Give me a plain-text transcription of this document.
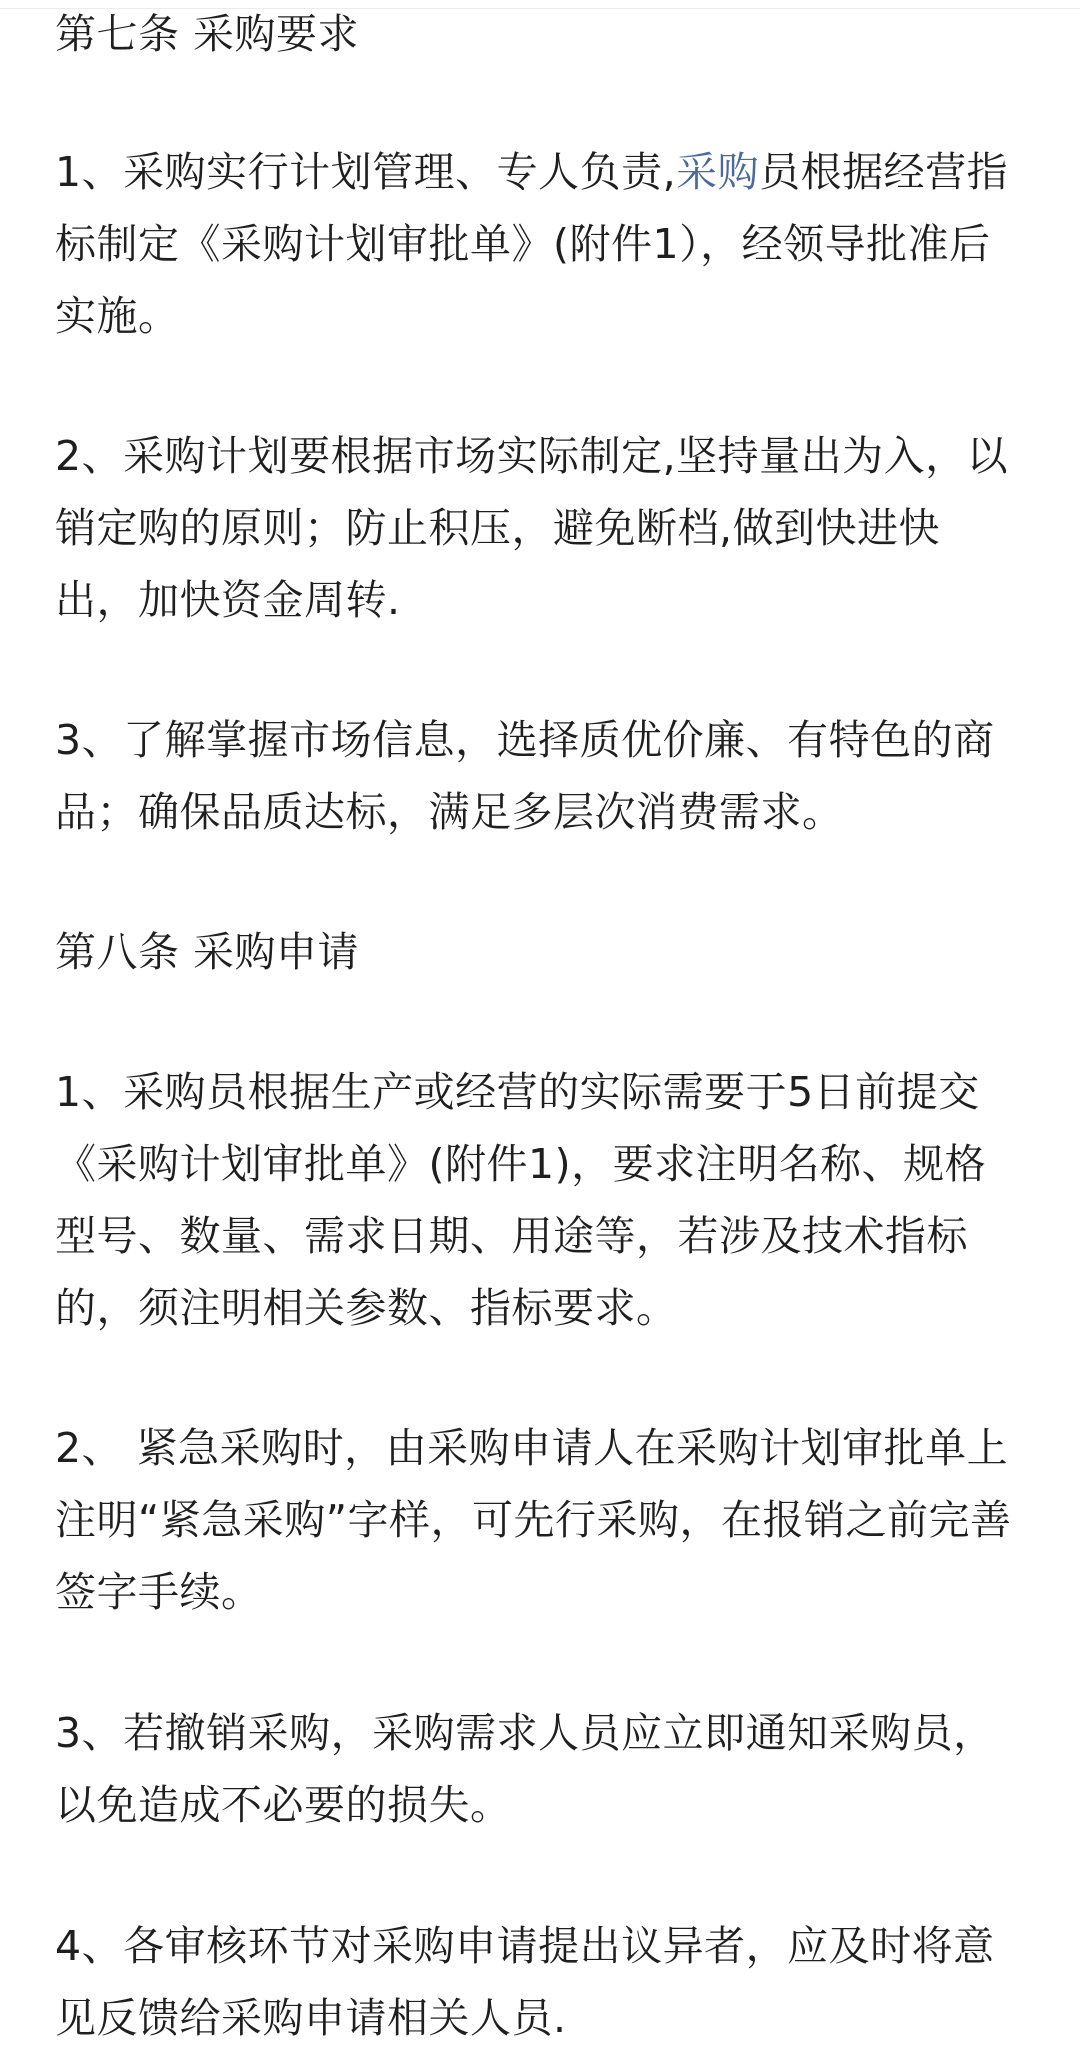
第七条 采购要求
1、采购实行计划管理、专人负责,采购员根据经营指
标制定《采购计划审批单》(附件1），经领导批准后
实施。
2、采购计划要根据市场实际制定,坚持量出为入，以
销定购的原则；防止积压，避免断档,做到快进快
出，加快资金周转.
3、了解掌握市场信息，选择质优价廉、有特色的商
品；确保品质达标，满足多层次消费需求。
第八条 采购申请
1、采购员根据生产或经营的实际需要于5日前提交
《采购计划审批单》(附件1)，要求注明名称、规格
型号、数量、需求日期、用途等，若涉及技术指标
的，须注明相关参数、指标要求。
2、 紧急采购时，由采购申请人在采购计划审批单上
注明“紧急采购”字样，可先行采购，在报销之前完善
签字手续。
3、若撤销采购，采购需求人员应立即通知采购员，
以免造成不必要的损失。
4、各审核环节对采购申请提出议异者，应及时将意
见反馈给采购申请相关人员.
